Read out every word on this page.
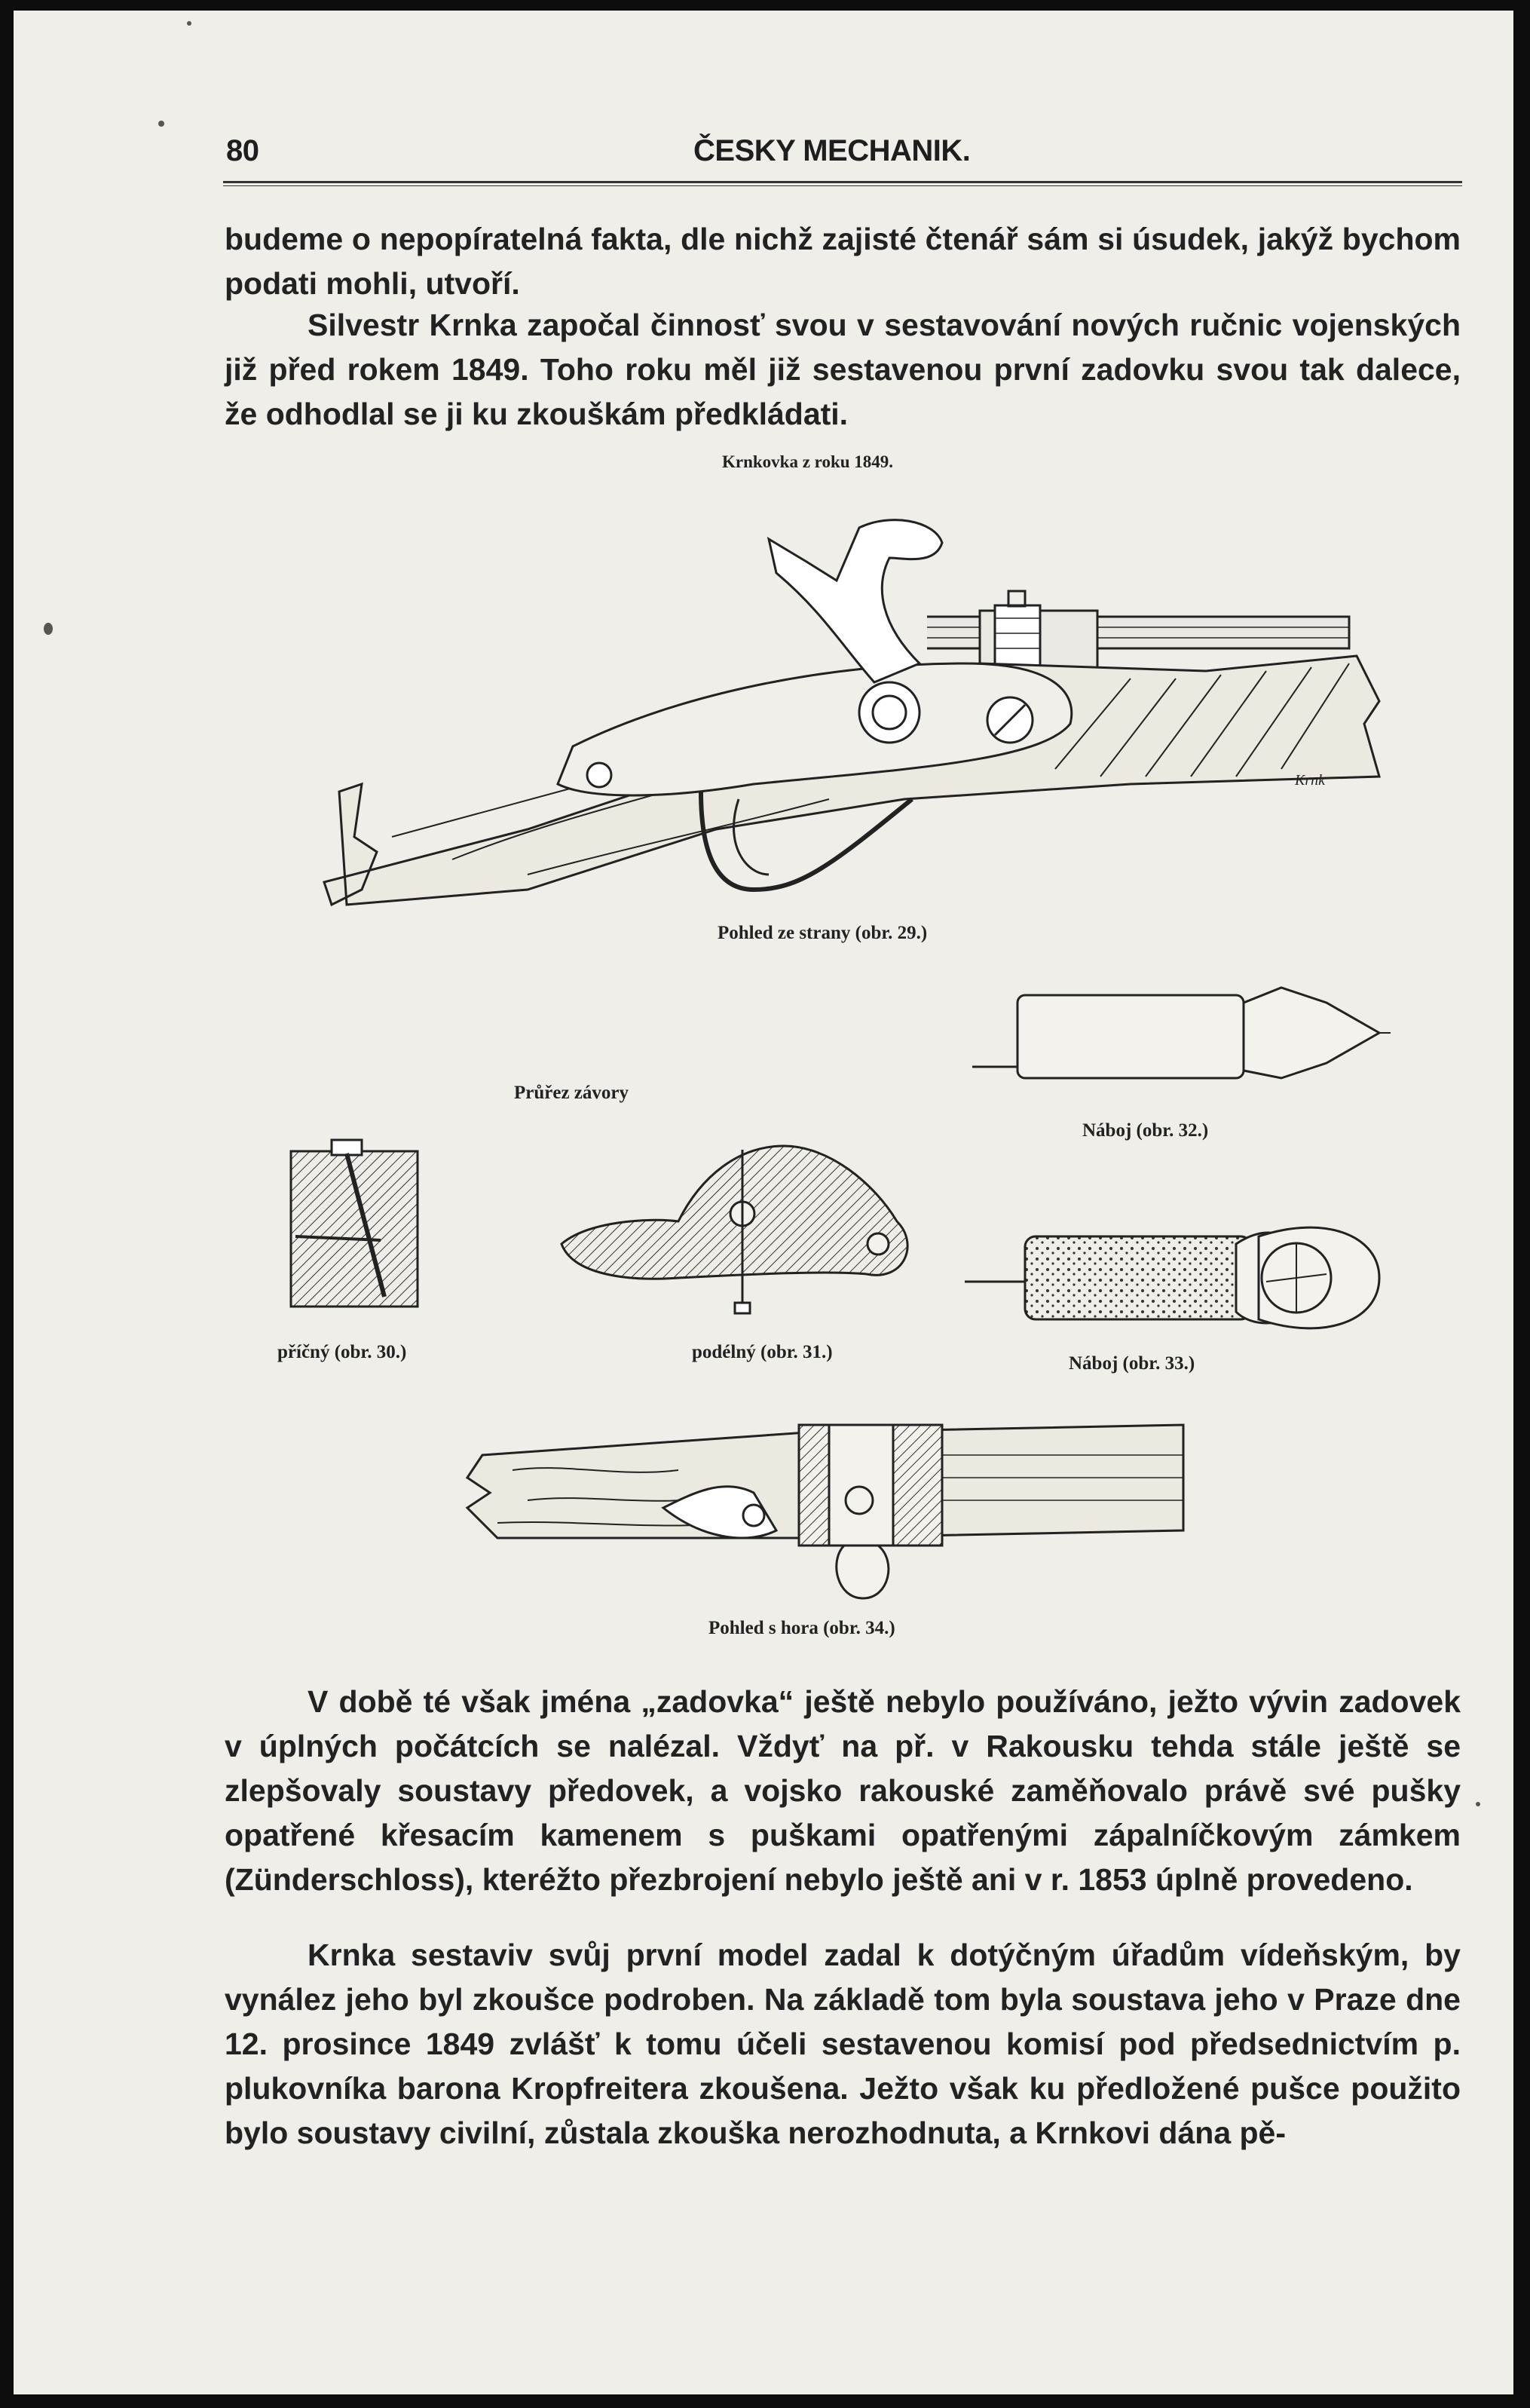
80	ČESKY MECHANIK.
budeme o nepopíratelná fakta, dle nichž zajisté čtenář sám si úsudek, jakýž bychom podati mohli, utvoří.
Silvestr Krnka započal činnosť svou v sestavování nových ručnic vojenských již před rokem 1849. Toho roku měl již sestavenou první zadovku svou tak dalece, že odhodlal se ji ku zkouškám předkládati.
Krnkovka z roku 1849.
Krnk
Pohled ze strany (obr. 29.)
Průřez závory
Náboj (obr. 32.)
příčný (obr. 30.)	podélný (obr. 31.)
Náboj (obr. 33.)
Pohled s hora (obr. 34.)
V době té však jména „zadovka“ ještě nebylo používáno, ježto vývin zadovek v úplných počátcích se nalézal. Vždyť na př. v Rakousku tehda stále ještě se zlepšovaly soustavy předovek, a vojsko rakouské zaměňovalo právě své pušky opatřené křesacím kamenem s puškami opatřenými zápalníčkovým zámkem (Zünderschloss), kteréžto přezbrojení nebylo ještě ani v r. 1853 úplně provedeno.
Krnka sestaviv svůj první model zadal k dotýčným úřadům vídeňským, by vynález jeho byl zkoušce podroben. Na základě tom byla soustava jeho v Praze dne 12. prosince 1849 zvlášť k tomu účeli sestavenou komisí pod předsednictvím p. plukovníka barona Kropfreitera zkoušena. Ježto však ku předložené pušce použito bylo soustavy civilní, zůstala zkouška nerozhodnuta, a Krnkovi dána pě-
